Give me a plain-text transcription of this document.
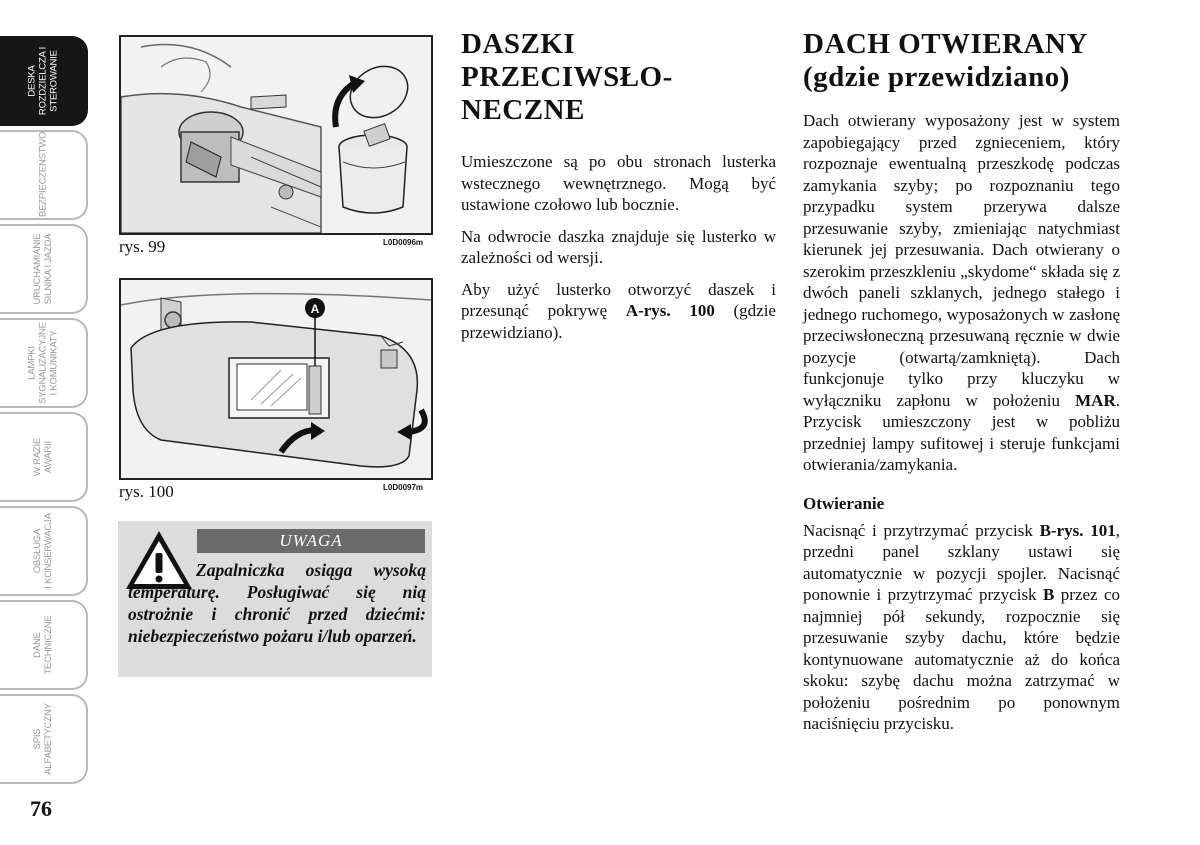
DESKA ROZDZIELCZA I STEROWANIE
BEZPIECZEŃSTWO
URUCHAMIANIE SILNIKA I JAZDA
LAMPKI SYGNALIZACYJNE I KOMUNIKATY
W RAZIE AWARII
OBSŁUGA I KONSERWACJA
DANE TECHNICZNE
SPIS ALFABETYCZNY
76
rys. 99	L0D0096m
A
rys. 100	L0D0097m
UWAGA
Zapalniczka osiąga wysoką temperaturę. Posługiwać się nią ostrożnie i chronić przed dziećmi: niebezpieczeństwo pożaru i/lub oparzeń.
DASZKI
PRZECIWSŁO-
NECZNE

Umieszczone są po obu stronach lusterka wstecznego wewnętrznego. Mogą być ustawione czołowo lub bocznie.

Na odwrocie daszka znajduje się lusterko w zależności od wersji.

Aby użyć lusterko otworzyć daszek i przesunąć pokrywę A-rys. 100 (gdzie przewidziano).

DACH OTWIERANY
(gdzie przewidziano)

Dach otwierany wyposażony jest w system zapobiegający przed zgnieceniem, który rozpoznaje ewentualną przeszkodę podczas zamykania szyby; po rozpoznaniu tego przypadku system przerywa dalsze przesuwanie szyby, zmieniając natychmiast kierunek jej przesuwania. Dach otwierany o szerokim przeszkleniu „skydome“ składa się z dwóch paneli szklanych, jednego stałego i jednego ruchomego, wyposażonych w zasłonę przeciwsłoneczną przesuwaną ręcznie w dwie pozycje (otwartą/zamkniętą). Dach funkcjonuje tylko przy kluczyku w wyłączniku zapłonu w położeniu MAR. Przycisk umieszczony jest w pobliżu przedniej lampy sufitowej i steruje funkcjami otwierania/zamykania.

Otwieranie

Nacisnąć i przytrzymać przycisk B-rys. 101, przedni panel szklany ustawi się automatycznie w pozycji spojler. Nacisnąć ponownie i przytrzymać przycisk B przez co najmniej pół sekundy, rozpocznie się przesuwanie szyby dachu, które będzie kontynuowane automatycznie aż do końca skoku: szybę dachu można zatrzymać w położeniu pośrednim po ponownym naciśnięciu przycisku.
